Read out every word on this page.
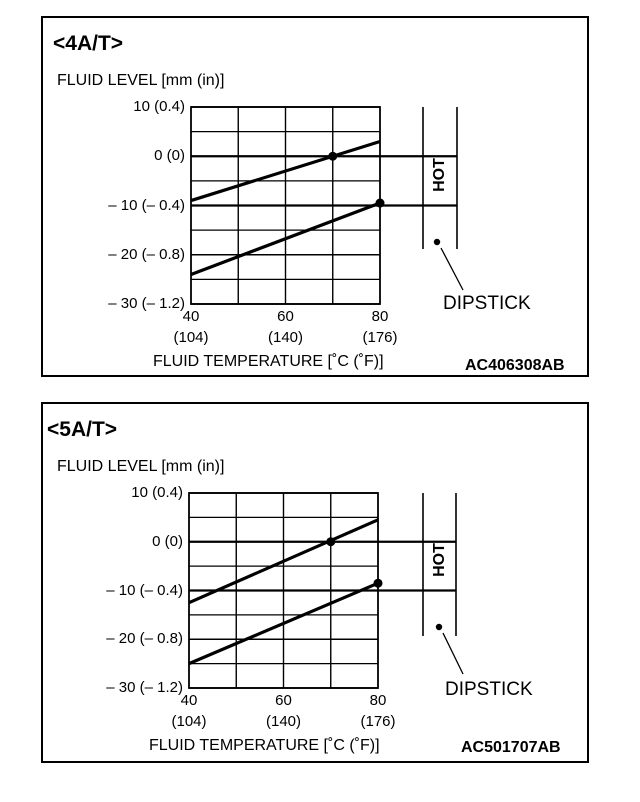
<4A/T>
FLUID LEVEL [mm (in)]
FLUID TEMPERATURE [˚C (˚F)]	AC406308AB
DIPSTICK
HOT
10 (0.4)
0 (0)
– 10 (– 0.4)
– 20 (– 0.8)
– 30 (– 1.2)
40
(104)
60
(140)
80
(176)
<5A/T>
FLUID LEVEL [mm (in)]
FLUID TEMPERATURE [˚C (˚F)]	AC501707AB
DIPSTICK
HOT
10 (0.4)
0 (0)
– 10 (– 0.4)
– 20 (– 0.8)
– 30 (– 1.2)
40
(104)
60
(140)
80
(176)
